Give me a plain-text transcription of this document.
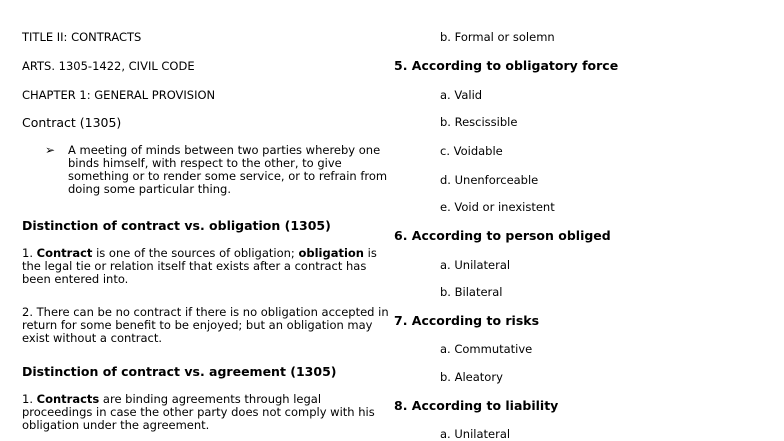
TITLE II: CONTRACTS
ARTS. 1305-1422, CIVIL CODE
CHAPTER 1: GENERAL PROVISION
Contract (1305)
➢ A meeting of minds between two parties whereby one
binds himself, with respect to the other, to give
something or to render some service, or to refrain from
doing some particular thing.
Distinction of contract vs. obligation (1305)
1. Contract is one of the sources of obligation; obligation is
the legal tie or relation itself that exists after a contract has
been entered into.
2. There can be no contract if there is no obligation accepted in
return for some benefit to be enjoyed; but an obligation may
exist without a contract.
Distinction of contract vs. agreement (1305)
1. Contracts are binding agreements through legal
proceedings in case the other party does not comply with his
obligation under the agreement.
b. Formal or solemn
5. According to obligatory force
a. Valid
b. Rescissible
c. Voidable
d. Unenforceable
e. Void or inexistent
6. According to person obliged
a. Unilateral
b. Bilateral
7. According to risks
a. Commutative
b. Aleatory
8. According to liability
a. Unilateral
